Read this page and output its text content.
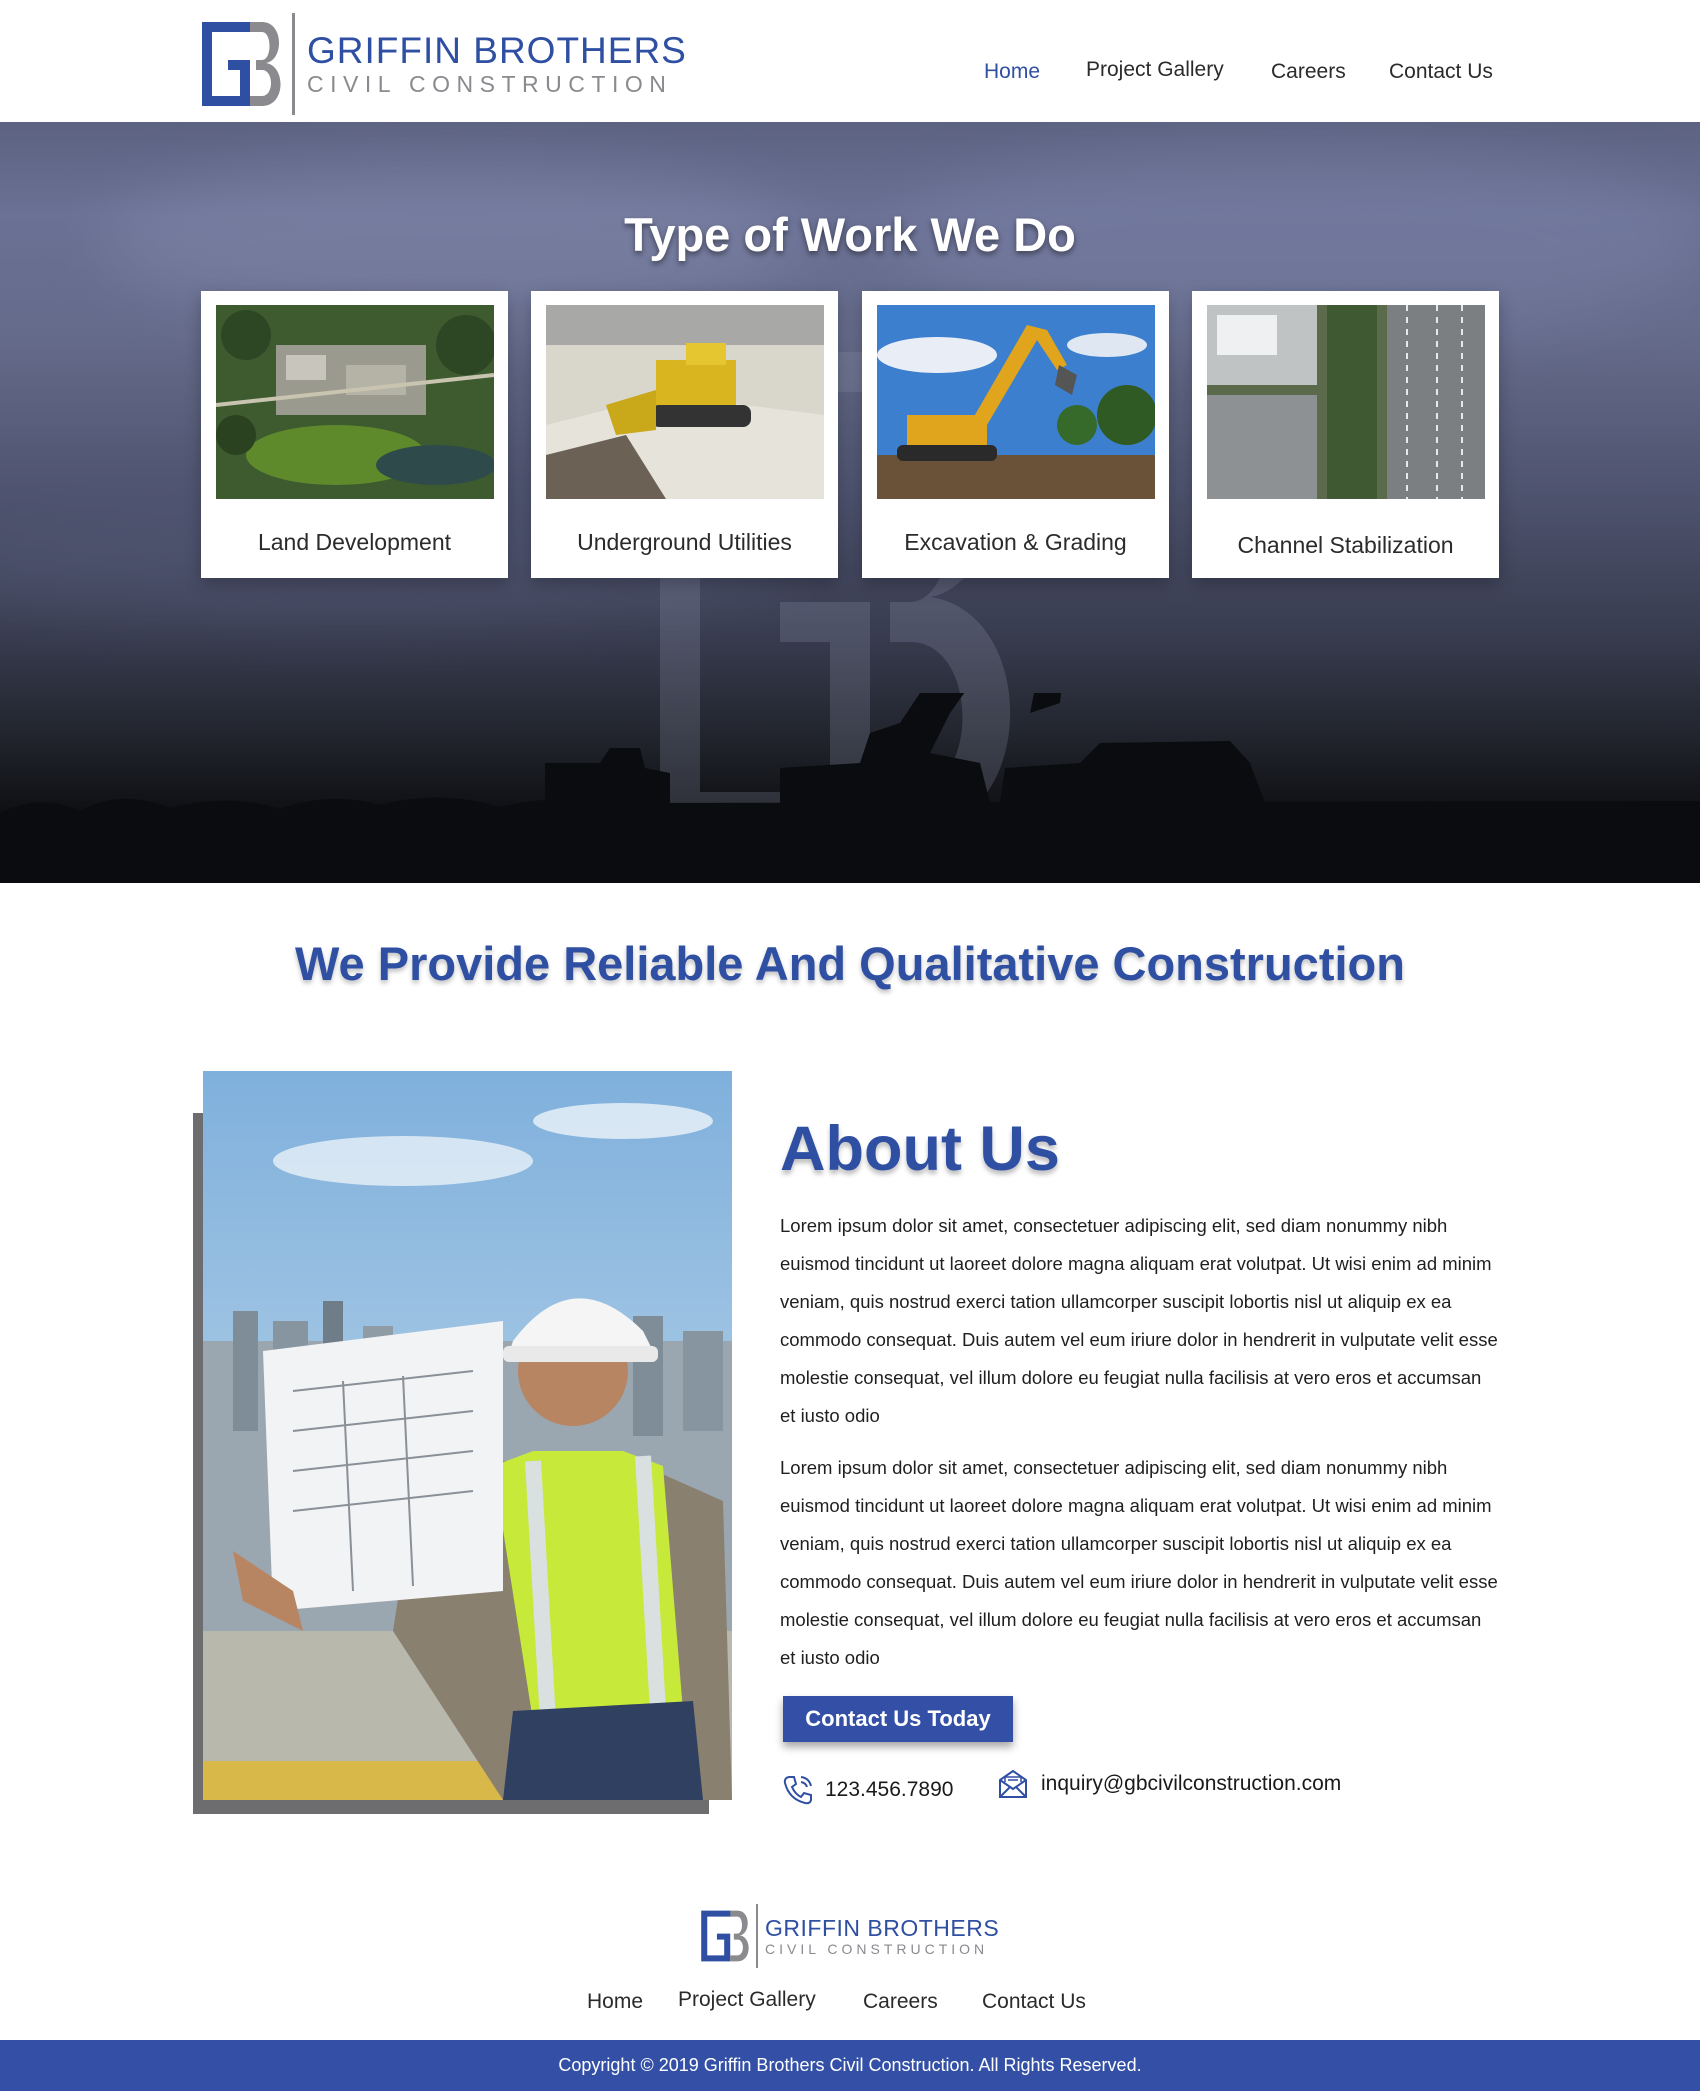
GRIFFIN BROTHERS
CIVIL CONSTRUCTION	Home Project Gallery Careers Contact Us
Type of Work We Do
Land Development	Underground Utilities	Excavation & Grading	Channel Stabilization
We Provide Reliable And Qualitative Construction
About Us

Lorem ipsum dolor sit amet, consectetuer adipiscing elit, sed diam nonummy nibh euismod tincidunt ut laoreet dolore magna aliquam erat volutpat. Ut wisi enim ad minim veniam, quis nostrud exerci tation ullamcorper suscipit lobortis nisl ut aliquip ex ea commodo consequat. Duis autem vel eum iriure dolor in hendrerit in vulputate velit esse molestie consequat, vel illum dolore eu feugiat nulla facilisis at vero eros et accumsan et iusto odio

Lorem ipsum dolor sit amet, consectetuer adipiscing elit, sed diam nonummy nibh euismod tincidunt ut laoreet dolore magna aliquam erat volutpat. Ut wisi enim ad minim veniam, quis nostrud exerci tation ullamcorper suscipit lobortis nisl ut aliquip ex ea commodo consequat. Duis autem vel eum iriure dolor in hendrerit in vulputate velit esse molestie consequat, vel illum dolore eu feugiat nulla facilisis at vero eros et accumsan et iusto odio

Contact Us Today
123.456.7890	inquiry@gbcivilconstruction.com
GRIFFIN BROTHERS
CIVIL CONSTRUCTION
Home Project Gallery Careers Contact Us
Copyright © 2019 Griffin Brothers Civil Construction. All Rights Reserved.
